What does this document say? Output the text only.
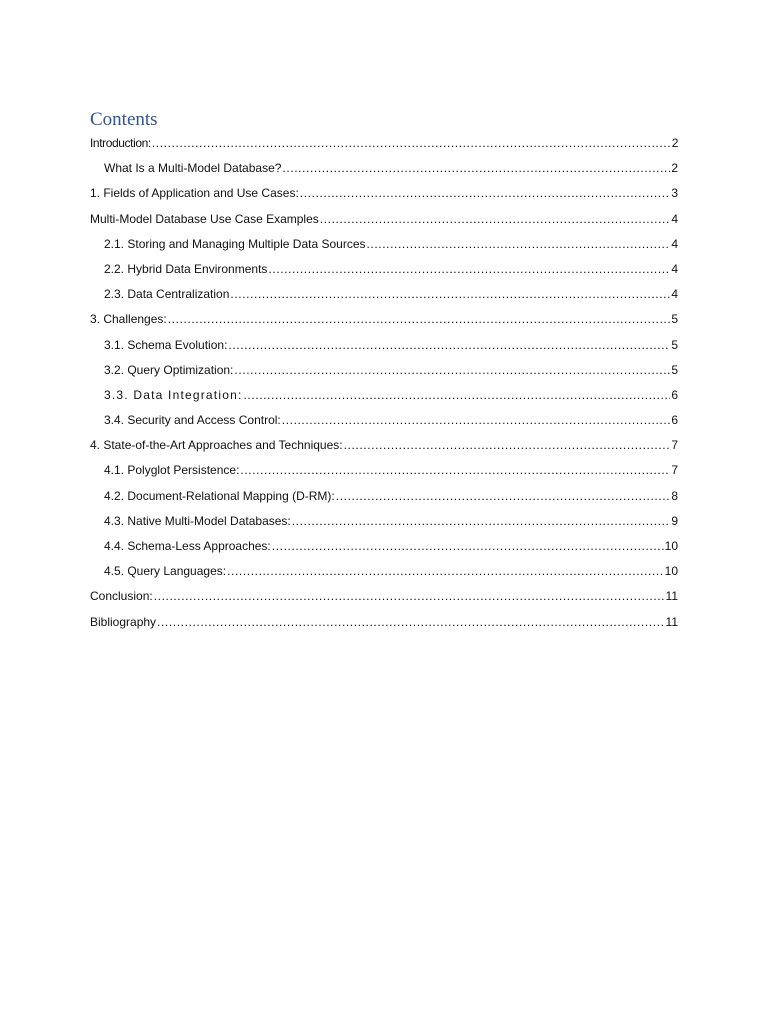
Contents
Introduction: .....	2
What Is a Multi-Model Database? .....	2
1. Fields of Application and Use Cases: .....	3
Multi-Model Database Use Case Examples .....	4
2.1. Storing and Managing Multiple Data Sources .....	4
2.2. Hybrid Data Environments .....	4
2.3. Data Centralization .....	4
3. Challenges: .....	5
3.1. Schema Evolution: .....	5
3.2. Query Optimization: .....	5
3.3. Data Integration: .....	6
3.4. Security and Access Control: .....	6
4. State-of-the-Art Approaches and Techniques: .....	7
4.1. Polyglot Persistence: .....	7
4.2. Document-Relational Mapping (D-RM): .....	8
4.3. Native Multi-Model Databases: .....	9
4.4. Schema-Less Approaches: .....	10
4.5. Query Languages: .....	10
Conclusion: .....	11
Bibliography .....	11
